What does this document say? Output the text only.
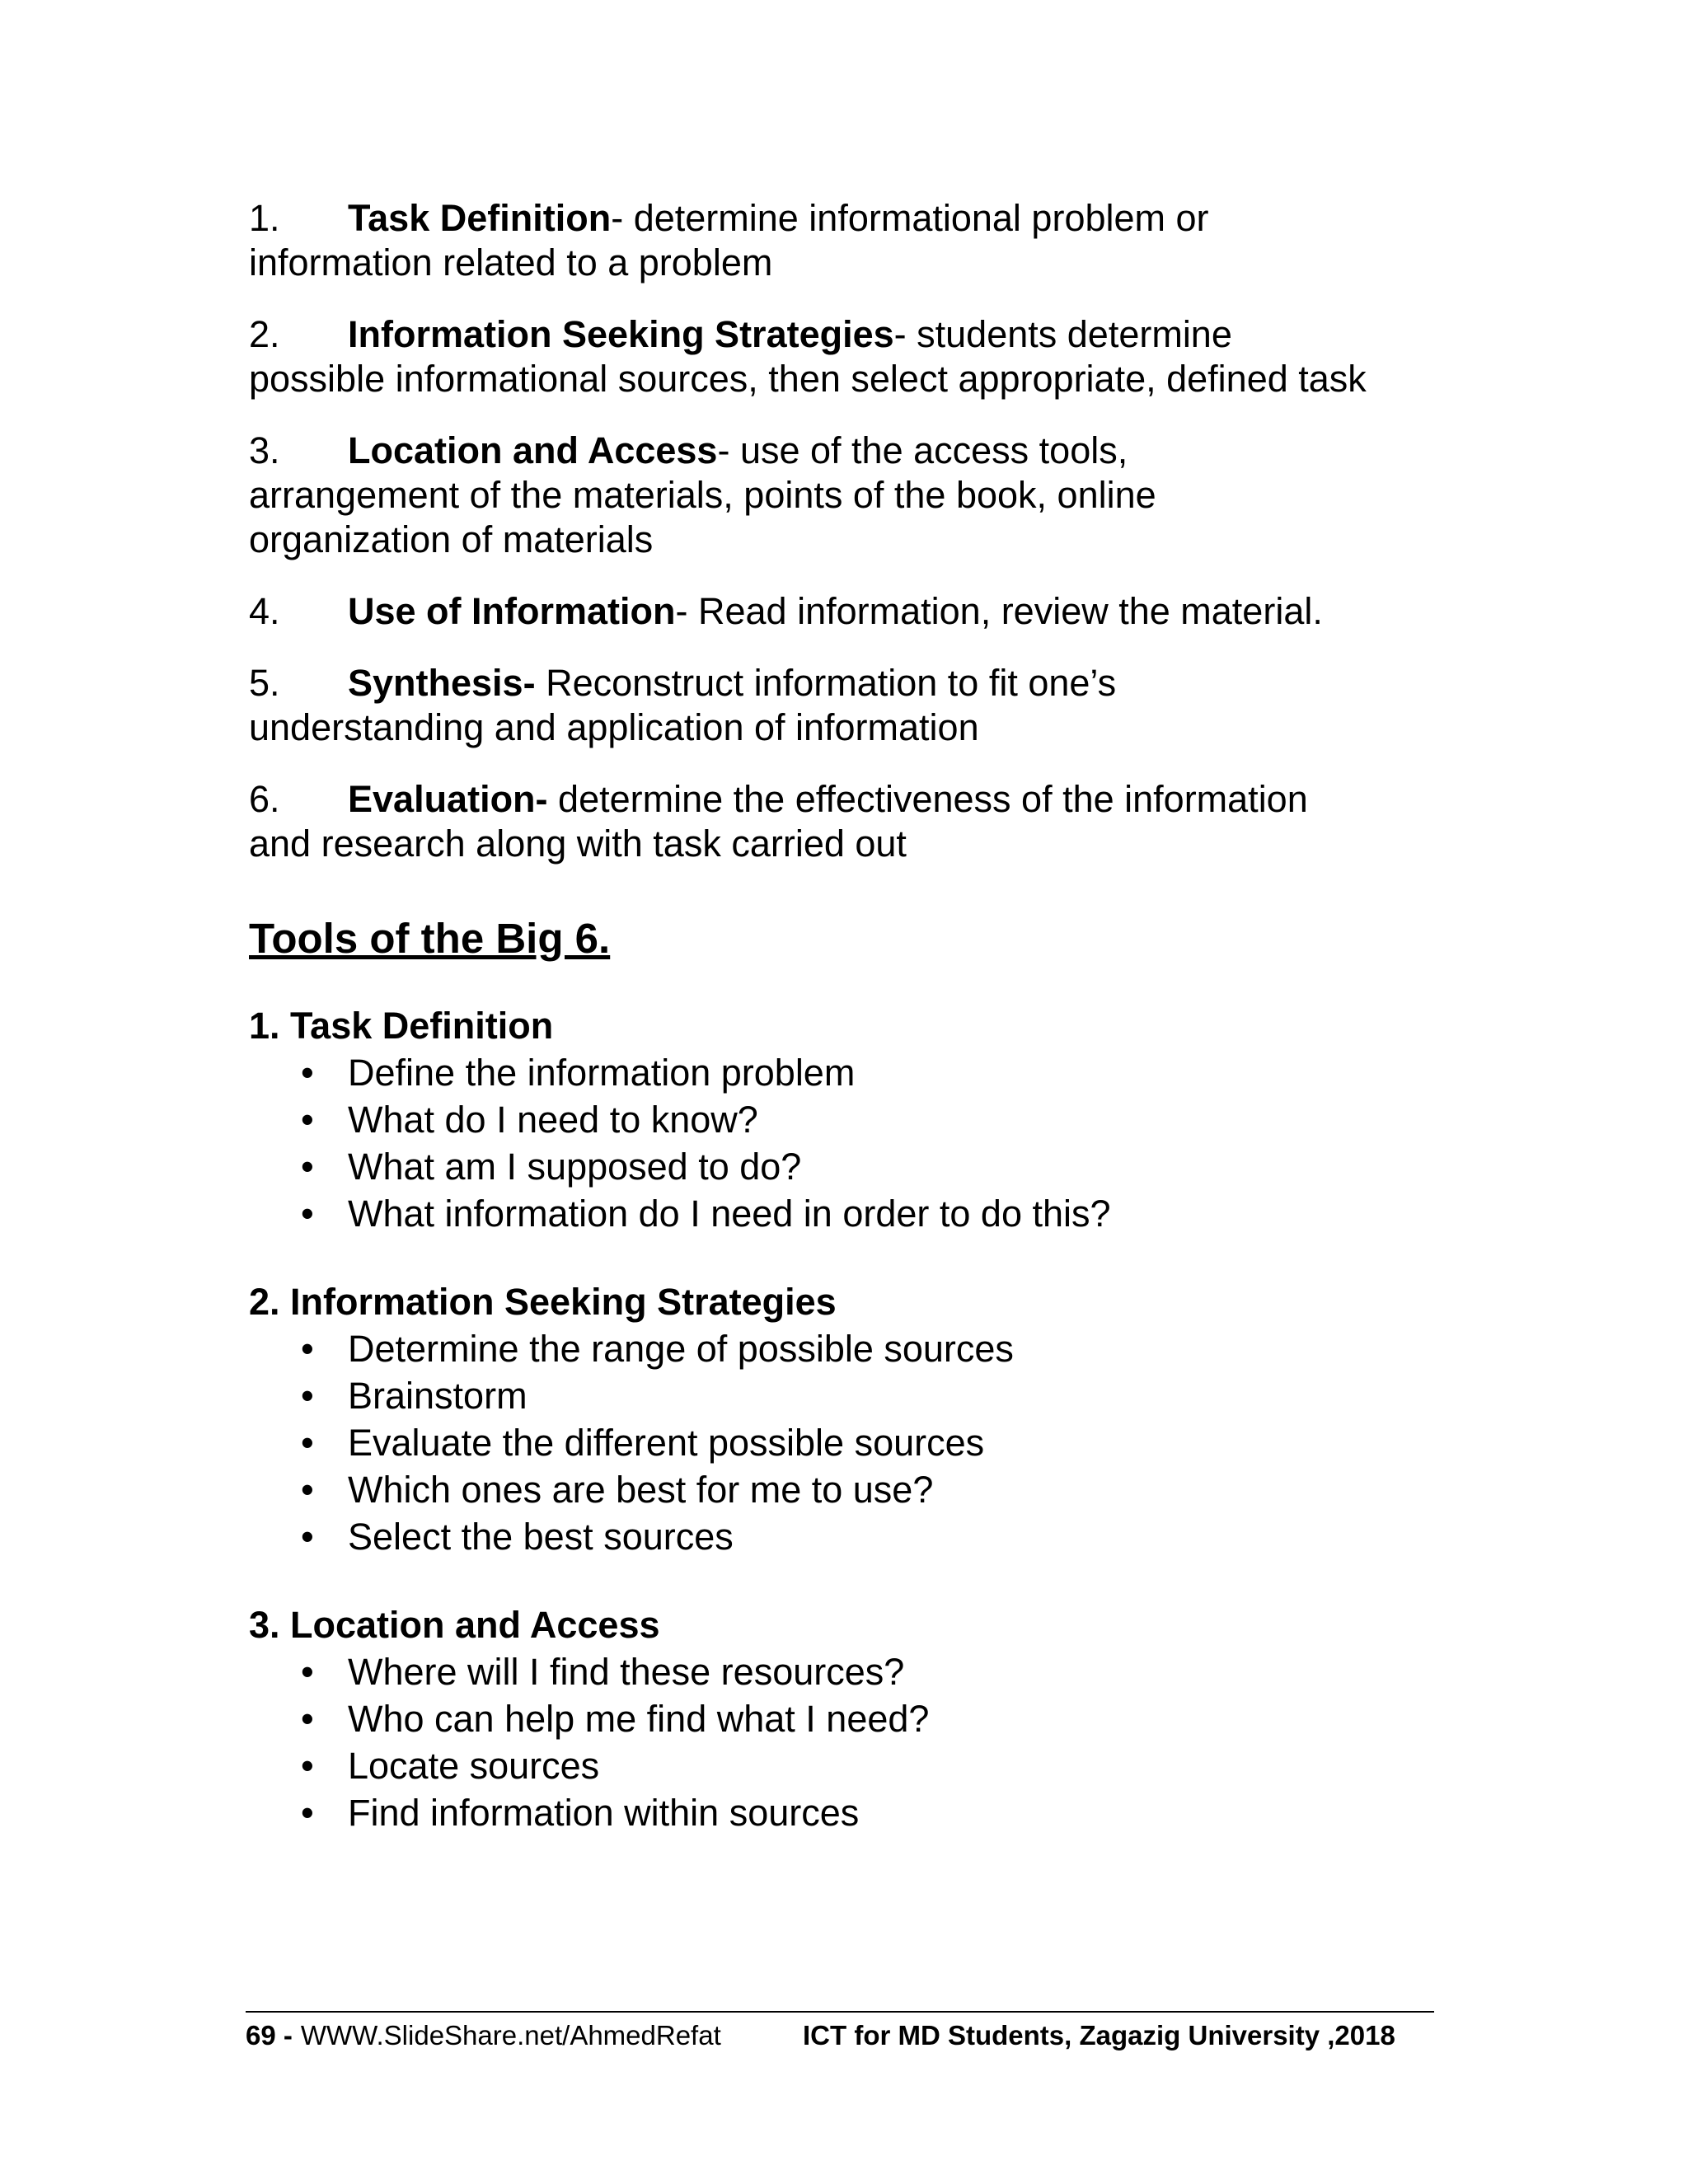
1. Task Definition- determine informational problem or information related to a problem
2. Information Seeking Strategies- students determine possible informational sources, then select appropriate, defined task
3. Location and Access- use of the access tools, arrangement of the materials, points of the book, online organization of materials
4. Use of Information- Read information, review the material.
5. Synthesis- Reconstruct information to fit one’s understanding and application of information
6. Evaluation- determine the effectiveness of the information and research along with task carried out
Tools of the Big 6.
1. Task Definition
• Define the information problem
• What do I need to know?
• What am I supposed to do?
• What information do I need in order to do this?
2. Information Seeking Strategies
• Determine the range of possible sources
• Brainstorm
• Evaluate the different possible sources
• Which ones are best for me to use?
• Select the best sources
3. Location and Access
• Where will I find these resources?
• Who can help me find what I need?
• Locate sources
• Find information within sources
69 - WWW.SlideShare.net/AhmedRefat	ICT for MD Students, Zagazig University ,2018
